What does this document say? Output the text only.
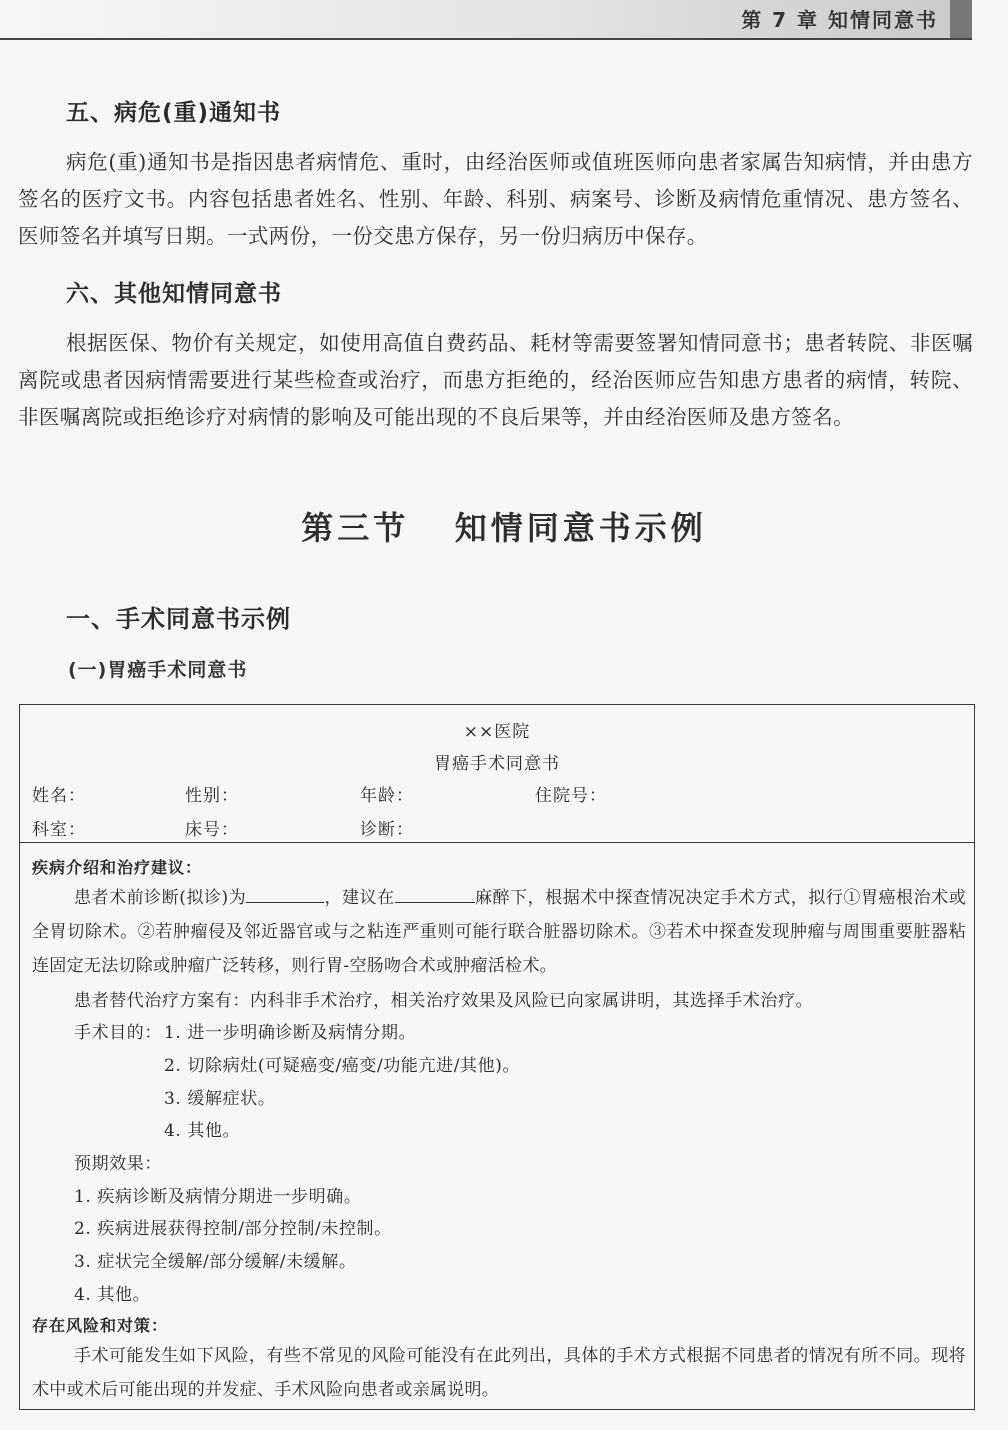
第 7 章 知情同意书
五、病危(重)通知书

病危(重)通知书是指因患者病情危、重时，由经治医师或值班医师向患者家属告知病情，并由患方签名的医疗文书。内容包括患者姓名、性别、年龄、科别、病案号、诊断及病情危重情况、患方签名、医师签名并填写日期。一式两份，一份交患方保存，另一份归病历中保存。

六、其他知情同意书

根据医保、物价有关规定，如使用高值自费药品、耗材等需要签署知情同意书；患者转院、非医嘱离院或患者因病情需要进行某些检查或治疗，而患方拒绝的，经治医师应告知患方患者的病情，转院、非医嘱离院或拒绝诊疗对病情的影响及可能出现的不良后果等，并由经治医师及患方签名。

第三节   知情同意书示例
一、手术同意书示例
(一)胃癌手术同意书
××医院
胃癌手术同意书
姓名：	性别：	年龄：	住院号：
科室：	床号：	诊断：
疾病介绍和治疗建议：

患者术前诊断(拟诊)为	，建议在	麻醉下，根据术中探查情况决定手术方式，拟行①胃癌根治术或全胃切除术。②若肿瘤侵及邻近器官或与之粘连严重则可能行联合脏器切除术。③若术中探查发现肿瘤与周围重要脏器粘连固定无法切除或肿瘤广泛转移，则行胃-空肠吻合术或肿瘤活检术。

患者替代治疗方案有：内科非手术治疗，相关治疗效果及风险已向家属讲明，其选择手术治疗。
手术目的： 1. 进一步明确诊断及病情分期。
2. 切除病灶(可疑癌变/癌变/功能亢进/其他)。
3. 缓解症状。
4. 其他。
预期效果：
1. 疾病诊断及病情分期进一步明确。
2. 疾病进展获得控制/部分控制/未控制。
3. 症状完全缓解/部分缓解/未缓解。
4. 其他。
存在风险和对策：

手术可能发生如下风险，有些不常见的风险可能没有在此列出，具体的手术方式根据不同患者的情况有所不同。现将术中或术后可能出现的并发症、手术风险向患者或亲属说明。
